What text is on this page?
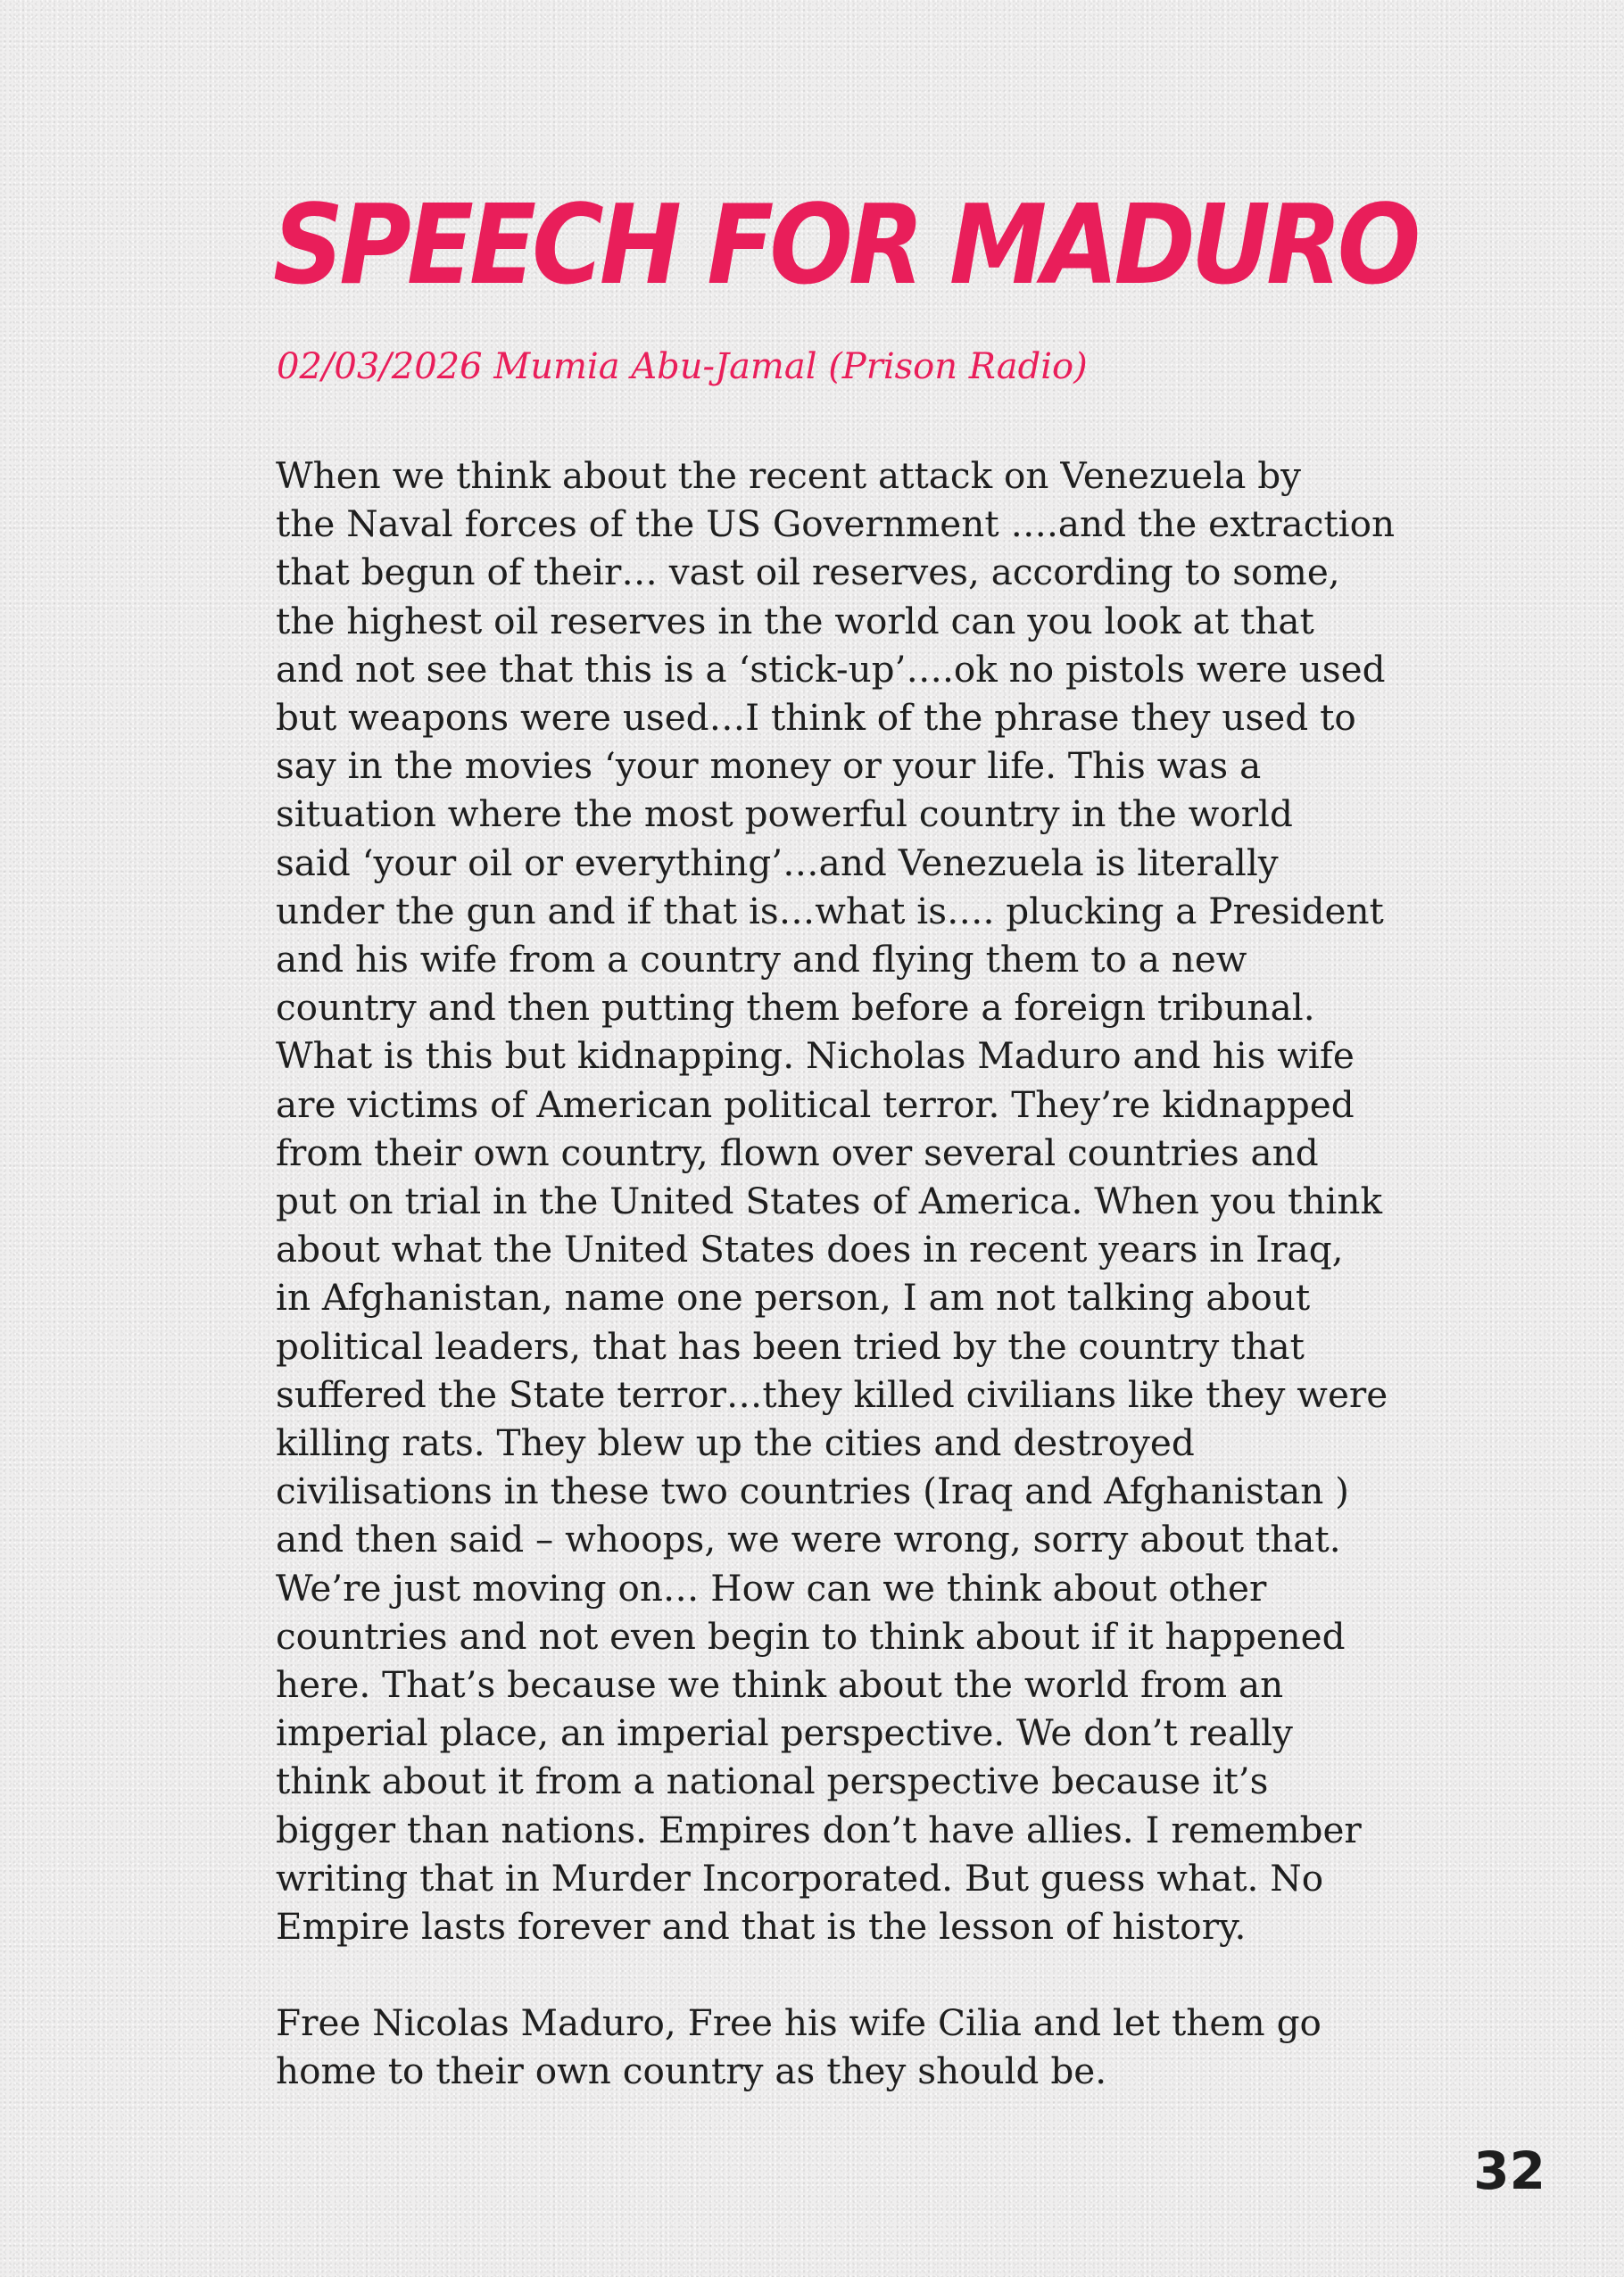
SPEECH FOR MADURO

02/03/2026 Mumia Abu-Jamal (Prison Radio)

When we think about the recent attack on Venezuela by
the Naval forces of the US Government ….and the extraction
that begun of their… vast oil reserves, according to some,
the highest oil reserves in the world can you look at that
and not see that this is a ‘stick-up’….ok no pistols were used
but weapons were used…I think of the phrase they used to
say in the movies ‘your money or your life. This was a
situation where the most powerful country in the world
said ‘your oil or everything’…and Venezuela is literally
under the gun and if that is…what is…. plucking a President
and his wife from a country and flying them to a new
country and then putting them before a foreign tribunal.
What is this but kidnapping. Nicholas Maduro and his wife
are victims of American political terror. They’re kidnapped
from their own country, flown over several countries and
put on trial in the United States of America. When you think
about what the United States does in recent years in Iraq,
in Afghanistan, name one person, I am not talking about
political leaders, that has been tried by the country that
suffered the State terror…they killed civilians like they were
killing rats. They blew up the cities and destroyed
civilisations in these two countries (Iraq and Afghanistan )
and then said – whoops, we were wrong, sorry about that.
We’re just moving on… How can we think about other
countries and not even begin to think about if it happened
here. That’s because we think about the world from an
imperial place, an imperial perspective. We don’t really
think about it from a national perspective because it’s
bigger than nations. Empires don’t have allies. I remember
writing that in Murder Incorporated. But guess what. No
Empire lasts forever and that is the lesson of history.
Free Nicolas Maduro, Free his wife Cilia and let them go
home to their own country as they should be.
32
